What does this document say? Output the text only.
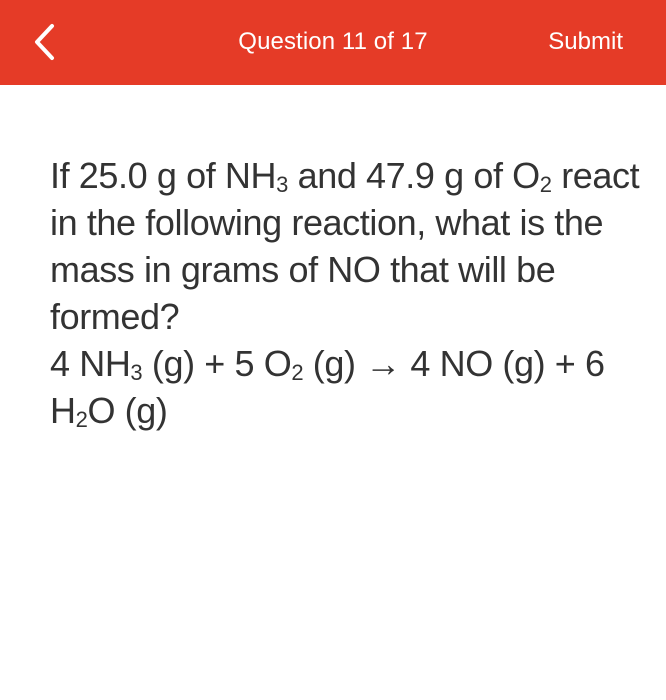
Question 11 of 17	Submit

If 25.0 g of $NH_3$ and 47.9 g of $O_2$ react in the following reaction, what is the mass in grams of NO that will be formed?

4 $NH_3$ (g) + 5 $O_2$ (g) → 4 NO (g) + 6 $H_2O$ (g)
